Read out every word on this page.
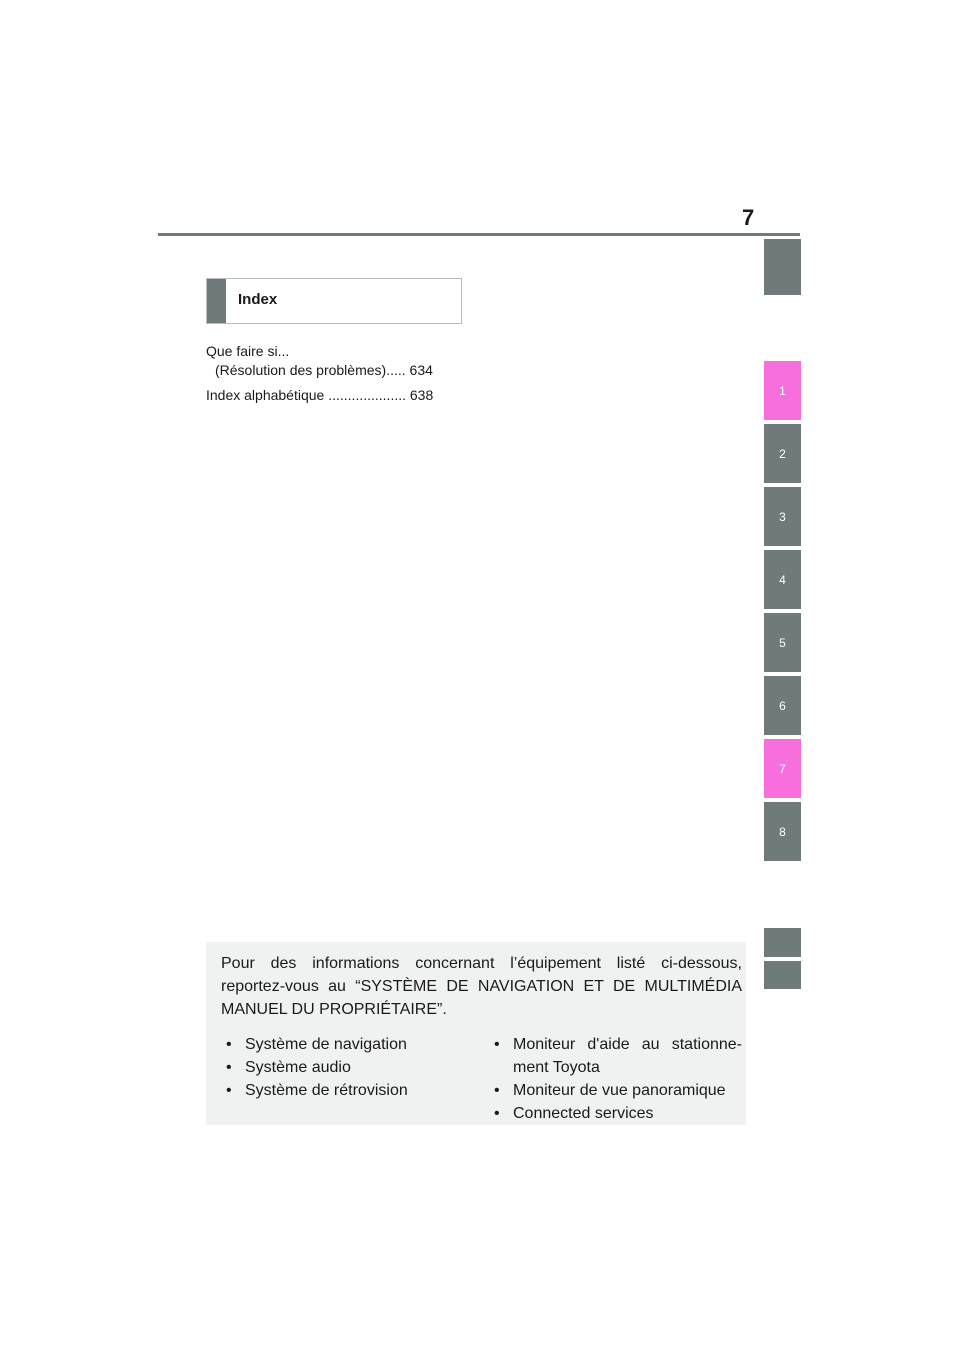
7
1
2
3
4
5
6
7
8
Index
Que faire si...
(Résolution des problèmes)..... 634
Index alphabétique .................... 638
Pour des informations concernant l’équipement listé ci-dessous, reportez-vous au “SYSTÈME DE NAVIGATION ET DE MULTIMÉDIA MANUEL DU PROPRIÉTAIRE”.
• Système de navigation
• Système audio
• Système de rétrovision
• Moniteur d'aide au stationne-ment Toyota
• Moniteur de vue panoramique
• Connected services
